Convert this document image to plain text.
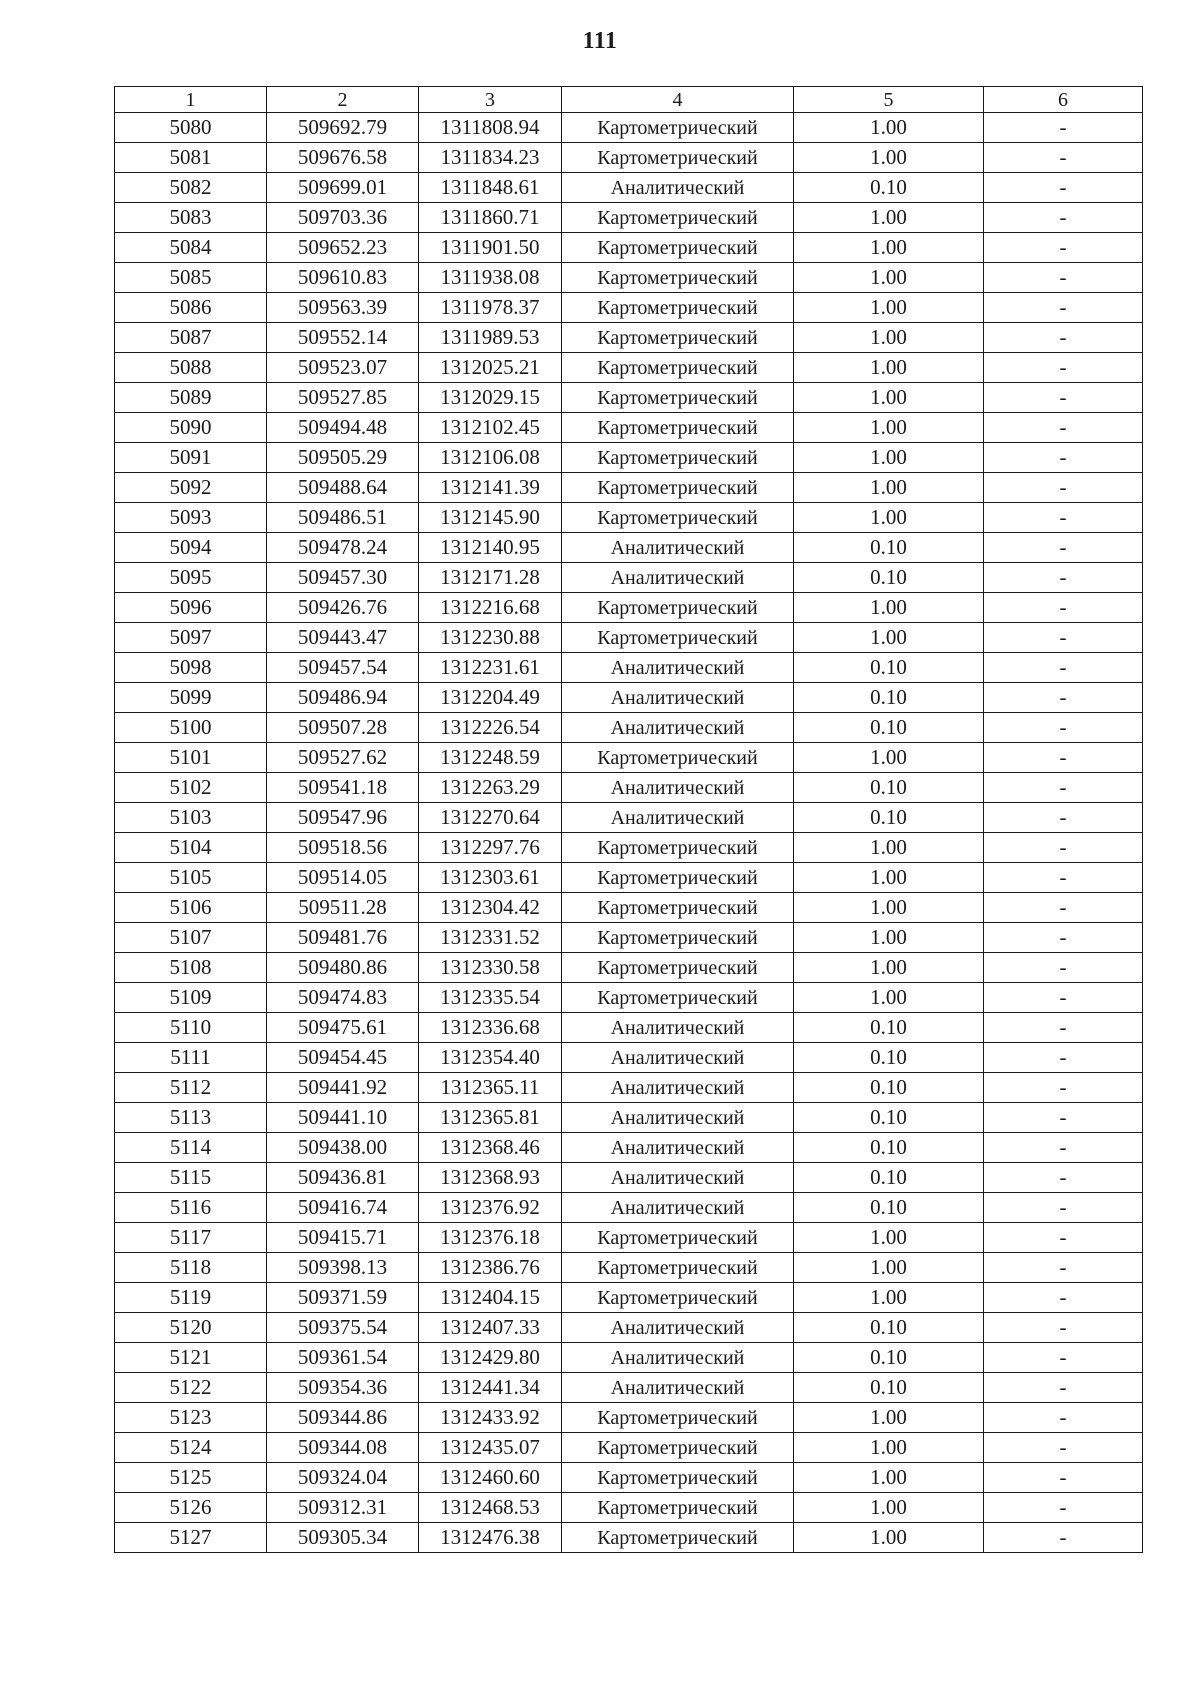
111
1	2	3	4	5	6
5080	509692.79	1311808.94	Картометрический	1.00	-
5081	509676.58	1311834.23	Картометрический	1.00	-
5082	509699.01	1311848.61	Аналитический	0.10	-
5083	509703.36	1311860.71	Картометрический	1.00	-
5084	509652.23	1311901.50	Картометрический	1.00	-
5085	509610.83	1311938.08	Картометрический	1.00	-
5086	509563.39	1311978.37	Картометрический	1.00	-
5087	509552.14	1311989.53	Картометрический	1.00	-
5088	509523.07	1312025.21	Картометрический	1.00	-
5089	509527.85	1312029.15	Картометрический	1.00	-
5090	509494.48	1312102.45	Картометрический	1.00	-
5091	509505.29	1312106.08	Картометрический	1.00	-
5092	509488.64	1312141.39	Картометрический	1.00	-
5093	509486.51	1312145.90	Картометрический	1.00	-
5094	509478.24	1312140.95	Аналитический	0.10	-
5095	509457.30	1312171.28	Аналитический	0.10	-
5096	509426.76	1312216.68	Картометрический	1.00	-
5097	509443.47	1312230.88	Картометрический	1.00	-
5098	509457.54	1312231.61	Аналитический	0.10	-
5099	509486.94	1312204.49	Аналитический	0.10	-
5100	509507.28	1312226.54	Аналитический	0.10	-
5101	509527.62	1312248.59	Картометрический	1.00	-
5102	509541.18	1312263.29	Аналитический	0.10	-
5103	509547.96	1312270.64	Аналитический	0.10	-
5104	509518.56	1312297.76	Картометрический	1.00	-
5105	509514.05	1312303.61	Картометрический	1.00	-
5106	509511.28	1312304.42	Картометрический	1.00	-
5107	509481.76	1312331.52	Картометрический	1.00	-
5108	509480.86	1312330.58	Картометрический	1.00	-
5109	509474.83	1312335.54	Картометрический	1.00	-
5110	509475.61	1312336.68	Аналитический	0.10	-
5111	509454.45	1312354.40	Аналитический	0.10	-
5112	509441.92	1312365.11	Аналитический	0.10	-
5113	509441.10	1312365.81	Аналитический	0.10	-
5114	509438.00	1312368.46	Аналитический	0.10	-
5115	509436.81	1312368.93	Аналитический	0.10	-
5116	509416.74	1312376.92	Аналитический	0.10	-
5117	509415.71	1312376.18	Картометрический	1.00	-
5118	509398.13	1312386.76	Картометрический	1.00	-
5119	509371.59	1312404.15	Картометрический	1.00	-
5120	509375.54	1312407.33	Аналитический	0.10	-
5121	509361.54	1312429.80	Аналитический	0.10	-
5122	509354.36	1312441.34	Аналитический	0.10	-
5123	509344.86	1312433.92	Картометрический	1.00	-
5124	509344.08	1312435.07	Картометрический	1.00	-
5125	509324.04	1312460.60	Картометрический	1.00	-
5126	509312.31	1312468.53	Картометрический	1.00	-
5127	509305.34	1312476.38	Картометрический	1.00	-
